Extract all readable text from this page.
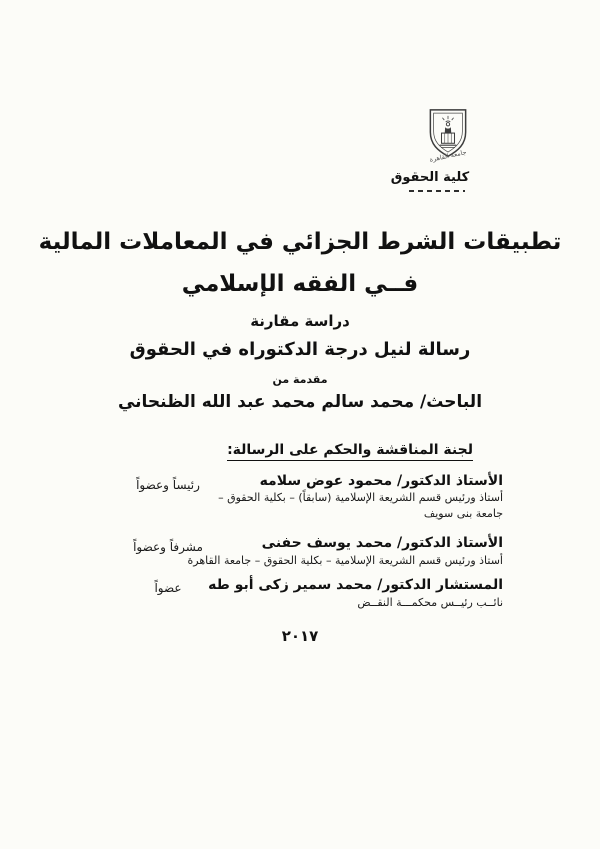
جامعة القاهرة
كلية الحقوق
تطبيقات الشرط الجزائي في المعاملات المالية
فــي الفقه الإسلامي
دراسة مقارنة
رسالة لنيل درجة الدكتوراه في الحقوق
مقدمة من
الباحث/ محمد سالم محمد عبد الله الظنحاني
لجنة المناقشة والحكم على الرسالة:
الأستاذ الدكتور/ محمود عوض سلامه
أستاذ ورئيس قسم الشريعة الإسلامية (سابقاً) – بكلية الحقوق –
جامعة بنى سويف
رئيساً وعضواً
الأستاذ الدكتور/ محمد يوسف حفنى
أستاذ ورئيس قسم الشريعة الإسلامية – بكلية الحقوق – جامعة القاهرة
مشرفاً وعضواً
المستشار الدكتور/ محمد سمير زكى أبو طه
نائــب رئيــس محكمـــة النقــض
عضواً
٢٠١٧
